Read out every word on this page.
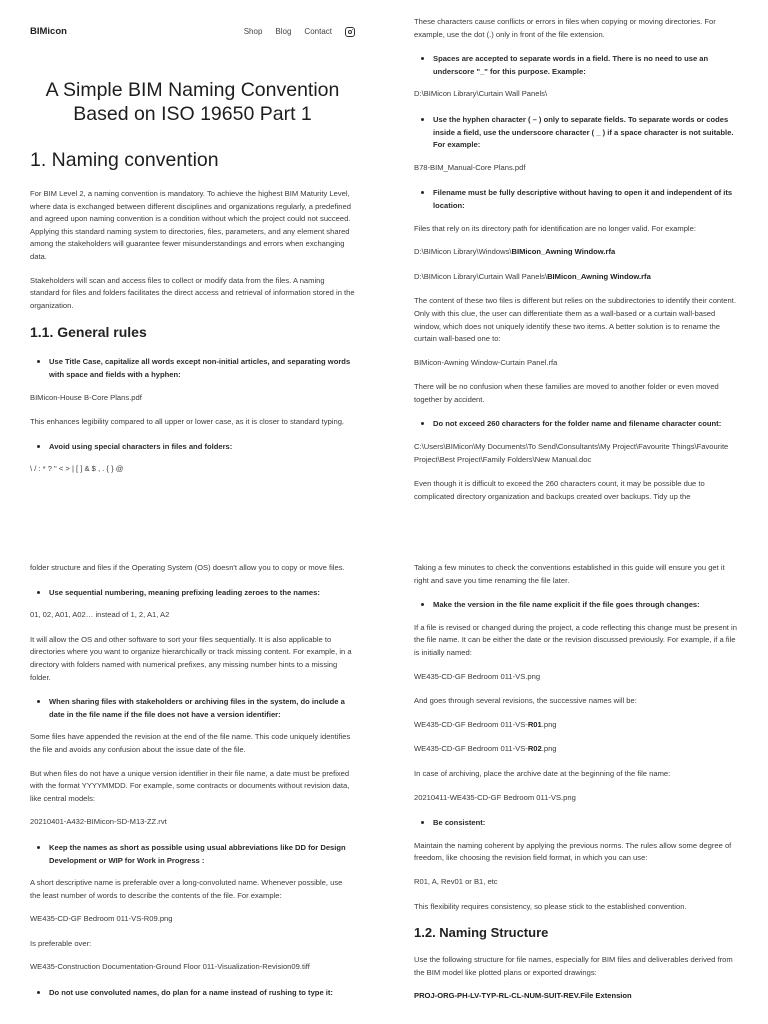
BIMicon	Shop Blog Contact
A Simple BIM Naming Convention Based on ISO 19650 Part 1
1. Naming convention

For BIM Level 2, a naming convention is mandatory. To achieve the highest BIM Maturity Level, where data is exchanged between different disciplines and organizations regularly, a predefined and agreed upon naming convention is a condition without which the project could not succeed. Applying this standard naming system to directories, files, parameters, and any element shared among the stakeholders will guarantee fewer misunderstandings and errors when exchanging data.

Stakeholders will scan and access files to collect or modify data from the files. A naming standard for files and folders facilitates the direct access and retrieval of information stored in the organization.

1.1. General rules
• Use Title Case, capitalize all words except non-initial articles, and separating words with space and fields with a hyphen:

BIMicon-House B-Core Plans.pdf

This enhances legibility compared to all upper or lower case, as it is closer to standard typing.

• Avoid using special characters in files and folders:

\ / : * ? " < > | [ ] & $ , . { } @

These characters cause conflicts or errors in files when copying or moving directories. For example, use the dot (.) only in front of the file extension.

• Spaces are accepted to separate words in a field. There is no need to use an underscore "_" for this purpose. Example:

D:\BIMicon Library\Curtain Wall Panels\

• Use the hyphen character ( – ) only to separate fields. To separate words or codes inside a field, use the underscore character ( _ ) if a space character is not suitable. For example:

B78-BIM_Manual-Core Plans.pdf

• Filename must be fully descriptive without having to open it and independent of its location:

Files that rely on its directory path for identification are no longer valid. For example:

D:\BIMicon Library\Windows\BIMicon_Awning Window.rfa

D:\BIMicon Library\Curtain Wall Panels\BIMicon_Awning Window.rfa

The content of these two files is different but relies on the subdirectories to identify their content. Only with this clue, the user can differentiate them as a wall-based or a curtain wall-based window, which does not uniquely identify these two items. A better solution is to rename the curtain wall-based one to:

BIMicon-Awning Window-Curtain Panel.rfa

There will be no confusion when these families are moved to another folder or even moved together by accident.

• Do not exceed 260 characters for the folder name and filename character count:

C:\Users\BIMicon\My Documents\To Send\Consultants\My Project\Favourite Things\Favourite Project\Best Project\Family Folders\New Manual.doc

Even though it is difficult to exceed the 260 characters count, it may be possible due to complicated directory organization and backups created over backups. Tidy up the

folder structure and files if the Operating System (OS) doesn't allow you to copy or move files.

• Use sequential numbering, meaning prefixing leading zeroes to the names:

01, 02, A01, A02… instead of 1, 2, A1, A2

It will allow the OS and other software to sort your files sequentially. It is also applicable to directories where you want to organize hierarchically or track missing content. For example, in a directory with folders named with numerical prefixes, any missing number hints to a missing folder.

• When sharing files with stakeholders or archiving files in the system, do include a date in the file name if the file does not have a version identifier:

Some files have appended the revision at the end of the file name. This code uniquely identifies the file and avoids any confusion about the issue date of the file.

But when files do not have a unique version identifier in their file name, a date must be prefixed with the format YYYYMMDD. For example, some contracts or documents without revision data, like central models:

20210401-A432-BIMicon-SD-M13-ZZ.rvt

• Keep the names as short as possible using usual abbreviations like DD for Design Development or WIP for Work in Progress :

A short descriptive name is preferable over a long-convoluted name. Whenever possible, use the least number of words to describe the contents of the file. For example:

WE435-CD-GF Bedroom 011-VS-R09.png

Is preferable over:

WE435-Construction Documentation-Ground Floor 011-Visualization-Revision09.tiff

• Do not use convoluted names, do plan for a name instead of rushing to type it:

Taking a few minutes to check the conventions established in this guide will ensure you get it right and save you time renaming the file later.

• Make the version in the file name explicit if the file goes through changes:

If a file is revised or changed during the project, a code reflecting this change must be present in the file name. It can be either the date or the revision discussed previously. For example, if a file is initially named:

WE435-CD-GF Bedroom 011-VS.png

And goes through several revisions, the successive names will be:

WE435-CD-GF Bedroom 011-VS-R01.png

WE435-CD-GF Bedroom 011-VS-R02.png

In case of archiving, place the archive date at the beginning of the file name:

20210411-WE435-CD-GF Bedroom 011-VS.png

• Be consistent:

Maintain the naming coherent by applying the previous norms. The rules allow some degree of freedom, like choosing the revision field format, in which you can use:

R01, A, Rev01 or B1, etc

This flexibility requires consistency, so please stick to the established convention.

1.2. Naming Structure

Use the following structure for file names, especially for BIM files and deliverables derived from the BIM model like plotted plans or exported drawings:

PROJ-ORG-PH-LV-TYP-RL-CL-NUM-SUIT-REV.File Extension
